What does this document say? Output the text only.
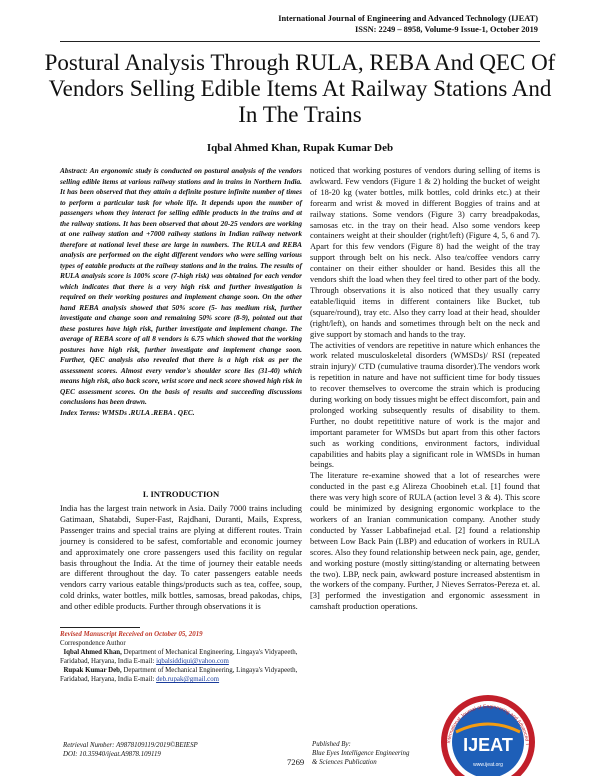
International Journal of Engineering and Advanced Technology (IJEAT)
ISSN: 2249 – 8958, Volume-9 Issue-1, October 2019
Postural Analysis Through RULA, REBA And QEC Of Vendors Selling Edible Items At Railway Stations And In The Trains
Iqbal Ahmed Khan, Rupak Kumar Deb
Abstract: An ergonomic study is conducted on postural analysis of the vendors selling edible items at various railway stations and in trains in Northern India. It has been observed that they attain a definite posture infinite number of times to perform a particular task for whole life. It depends upon the number of passengers whom they interact for selling edible products in the trains and at the railway stations. It has been observed that about 20-25 vendors are working at one railway station and +7000 railway stations in Indian railway network therefore at national level these are large in numbers. The RULA and REBA analysis are performed on the eight different vendors who were selling various types of eatable products at the railway stations and in the trains. The results of RULA analysis score is 100% score (7-high risk) was obtained for each vendor which indicates that there is a very high risk and further investigation is required on their working postures and implement change soon. On the other hand REBA analysis showed that 50% score (5- has medium risk, further investigate and change soon and remaining 50% score (8-9), pointed out that these postures have high risk, further investigate and implement change. The average of REBA score of all 8 vendors is 6.75 which showed that the working postures have high risk, further investigate and implement change soon. Further, QEC analysis also revealed that there is a high risk as per the assessment scores. Almost every vendor's shoulder score lies (31-40) which means high risk, also back score, wrist score and neck score showed high risk in QEC assessment scores. On the basis of results and succeeding discussions conclusions has been drawn.
Index Terms: WMSDs .RULA .REBA . QEC.
I. INTRODUCTION
India has the largest train network in Asia. Daily 7000 trains including Gatimaan, Shatabdi, Super-Fast, Rajdhani, Duranti, Mails, Express, Passenger trains and special trains are plying at different routes. Train journey is considered to be safest, comfortable and economic journey and approximately one crore passengers used this facility on regular basis throughout the India. At the time of journey their eatable needs are different throughout the day. To cater passengers eatable needs vendors carry various eatable things/products such as tea, coffee, soup, cold drinks, water bottles, milk bottles, samosas, bread pakodas, chips, and other edible products. Further through observations it is

noticed that working postures of vendors during selling of items is awkward. Few vendors (Figure 1 & 2) holding the bucket of weight of 18-20 kg (water bottles, milk bottles, cold drinks etc.) at their forearm and wrist & moved in different Boggies of trains and at railway stations. Some vendors (Figure 3) carry breadpakodas, samosas etc. in the tray on their head. Also some vendors keep containers weight at their shoulder (right/left) (Figure 4, 5, 6 and 7). Apart for this few vendors (Figure 8) had the weight of the tray support through belt on his neck. Also tea/coffee vendors carry container on their either shoulder or hand. Besides this all the vendors shift the load when they feel tired to other part of the body. Through observations it is also noticed that they usually carry eatable/liquid items in different containers like Bucket, tub (square/round), tray etc. Also they carry load at their head, shoulder (right/left), on hands and sometimes through belt on the neck and give support by stomach and hands to the tray.

The activities of vendors are repetitive in nature which enhances the work related musculoskeletal disorders (WMSDs)/ RSI (repeated strain injury)/ CTD (cumulative trauma disorder).The vendors work is repetition in nature and have not sufficient time for body tissues to recover themselves to overcome the strain which is producing during working on body tissues might be effect discomfort, pain and prolonged working subsequently results of disability to them. Further, no doubt repetititive nature of work is the major and important parameter for WMSDs but apart from this other factors such as working conditions, environment factors, individual capabilities and habits play a significant role in WMSDs in human beings.

The literature re-examine showed that a lot of researches were conducted in the past e.g Alireza Choobineh et.al. [1] found that there was very high score of RULA (action level 3 & 4). This score could be minimized by designing ergonomic workplace to the workers of an Iranian communication company. Another study conducted by Yasser Labbafinejad et.al. [2] found a relationship between Low Back Pain (LBP) and education of workers in RULA scores. Also they found relationship between neck pain, age, gender, and working posture (mostly sitting/standing or alternating between the two). LBP, neck pain, awkward posture increased abstentism in the workers of the company. Further, J Nieves Serratos-Pereza et. al. [3] performed the investigation and ergonomic assessment in camshaft production operations.

Revised Manuscript Received on October 05, 2019
Correspondence Author
Iqbal Ahmed Khan, Department of Mechanical Engineering, Lingaya's Vidyapeeth, Faridabad, Haryana, India E-mail: iqbalsiddiqui@yahoo.com
Rupak Kumar Deb, Department of Mechanical Engineering, Lingaya's Vidyapeeth, Faridabad, Haryana, India E-mail: deb.rupak@gmail.com
Retrieval Number: A9878109119/2019©BEIESP
DOI: 10.35940/ijeat.A9878.109119
7269
Published By:
Blue Eyes Intelligence Engineering
& Sciences Publication
International Journal of Engineering and Advanced T
IJEAT
www.ijeat.org
